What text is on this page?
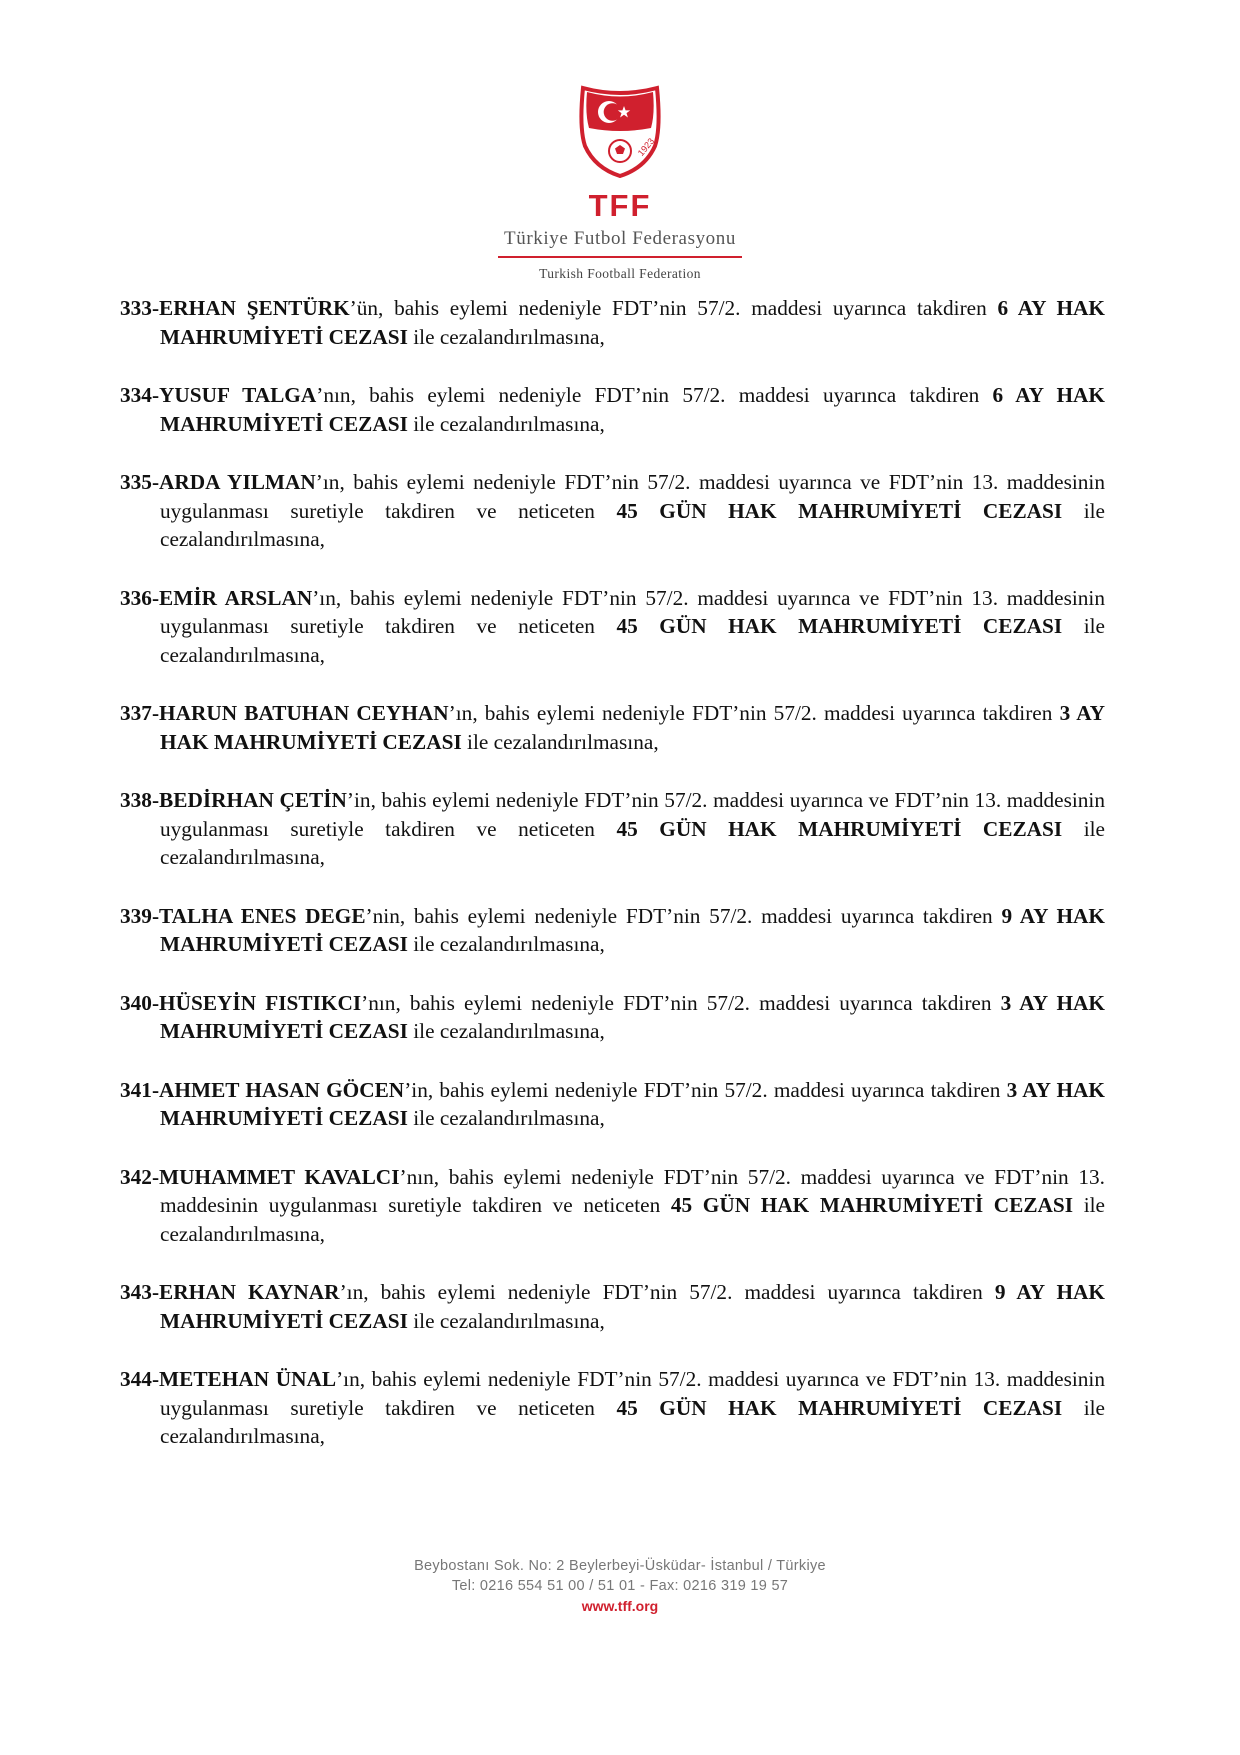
1923
TFF
Türkiye Futbol Federasyonu
Turkish Football Federation
333-ERHAN ŞENTÜRK’ün, bahis eylemi nedeniyle FDT’nin 57/2. maddesi uyarınca takdiren 6 AY HAK MAHRUMİYETİ CEZASI ile cezalandırılmasına,
334-YUSUF TALGA’nın, bahis eylemi nedeniyle FDT’nin 57/2. maddesi uyarınca takdiren 6 AY HAK MAHRUMİYETİ CEZASI ile cezalandırılmasına,
335-ARDA YILMAN’ın, bahis eylemi nedeniyle FDT’nin 57/2. maddesi uyarınca ve FDT’nin 13. maddesinin uygulanması suretiyle takdiren ve neticeten 45 GÜN HAK MAHRUMİYETİ CEZASI ile cezalandırılmasına,
336-EMİR ARSLAN’ın, bahis eylemi nedeniyle FDT’nin 57/2. maddesi uyarınca ve FDT’nin 13. maddesinin uygulanması suretiyle takdiren ve neticeten 45 GÜN HAK MAHRUMİYETİ CEZASI ile cezalandırılmasına,
337-HARUN BATUHAN CEYHAN’ın, bahis eylemi nedeniyle FDT’nin 57/2. maddesi uyarınca takdiren 3 AY HAK MAHRUMİYETİ CEZASI ile cezalandırılmasına,
338-BEDİRHAN ÇETİN’in, bahis eylemi nedeniyle FDT’nin 57/2. maddesi uyarınca ve FDT’nin 13. maddesinin uygulanması suretiyle takdiren ve neticeten 45 GÜN HAK MAHRUMİYETİ CEZASI ile cezalandırılmasına,
339-TALHA ENES DEGE’nin, bahis eylemi nedeniyle FDT’nin 57/2. maddesi uyarınca takdiren 9 AY HAK MAHRUMİYETİ CEZASI ile cezalandırılmasına,
340-HÜSEYİN FISTIKCI’nın, bahis eylemi nedeniyle FDT’nin 57/2. maddesi uyarınca takdiren 3 AY HAK MAHRUMİYETİ CEZASI ile cezalandırılmasına,
341-AHMET HASAN GÖCEN’in, bahis eylemi nedeniyle FDT’nin 57/2. maddesi uyarınca takdiren 3 AY HAK MAHRUMİYETİ CEZASI ile cezalandırılmasına,
342-MUHAMMET KAVALCI’nın, bahis eylemi nedeniyle FDT’nin 57/2. maddesi uyarınca ve FDT’nin 13. maddesinin uygulanması suretiyle takdiren ve neticeten 45 GÜN HAK MAHRUMİYETİ CEZASI ile cezalandırılmasına,
343-ERHAN KAYNAR’ın, bahis eylemi nedeniyle FDT’nin 57/2. maddesi uyarınca takdiren 9 AY HAK MAHRUMİYETİ CEZASI ile cezalandırılmasına,
344-METEHAN ÜNAL’ın, bahis eylemi nedeniyle FDT’nin 57/2. maddesi uyarınca ve FDT’nin 13. maddesinin uygulanması suretiyle takdiren ve neticeten 45 GÜN HAK MAHRUMİYETİ CEZASI ile cezalandırılmasına,
Beybostanı Sok. No: 2 Beylerbeyi-Üsküdar- İstanbul / Türkiye
Tel: 0216 554 51 00 / 51 01 - Fax: 0216 319 19 57
www.tff.org
